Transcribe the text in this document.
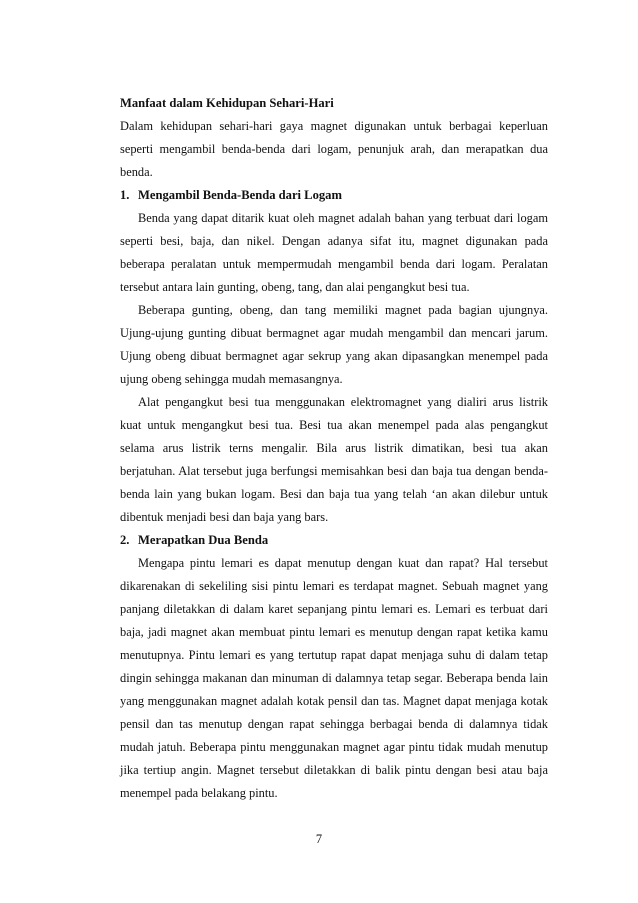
Manfaat dalam Kehidupan Sehari-Hari

Dalam kehidupan sehari-hari gaya magnet digunakan untuk berbagai keperluan seperti mengambil benda-benda dari logam, penunjuk arah, dan merapatkan dua benda.

1. Mengambil Benda-Benda dari Logam

Benda yang dapat ditarik kuat oleh magnet adalah bahan yang terbuat dari logam seperti besi, baja, dan nikel. Dengan adanya sifat itu, magnet digunakan pada beberapa peralatan untuk mempermudah mengambil benda dari logam. Peralatan tersebut antara lain gunting, obeng, tang, dan alai pengangkut besi tua.

Beberapa gunting, obeng, dan tang memiliki magnet pada bagian ujungnya. Ujung-ujung gunting dibuat bermagnet agar mudah mengambil dan mencari jarum. Ujung obeng dibuat bermagnet agar sekrup yang akan dipasangkan menempel pada ujung obeng sehingga mudah memasangnya.

Alat pengangkut besi tua menggunakan elektromagnet yang dialiri arus listrik kuat untuk mengangkut besi tua. Besi tua akan menempel pada alas pengangkut selama arus listrik terns mengalir. Bila arus listrik dimatikan, besi tua akan berjatuhan. Alat tersebut juga berfungsi memisahkan besi dan baja tua dengan benda-benda lain yang bukan logam. Besi dan baja tua yang telah ‘an akan dilebur untuk dibentuk menjadi besi dan baja yang bars.

2. Merapatkan Dua Benda

Mengapa pintu lemari es dapat menutup dengan kuat dan rapat? Hal tersebut dikarenakan di sekeliling sisi pintu lemari es terdapat magnet. Sebuah magnet yang panjang diletakkan di dalam karet sepanjang pintu lemari es. Lemari es terbuat dari baja, jadi magnet akan membuat pintu lemari es menutup dengan rapat ketika kamu menutupnya. Pintu lemari es yang tertutup rapat dapat menjaga suhu di dalam tetap dingin sehingga makanan dan minuman di dalamnya tetap segar. Beberapa benda lain yang menggunakan magnet adalah kotak pensil dan tas. Magnet dapat menjaga kotak pensil dan tas menutup dengan rapat sehingga berbagai benda di dalamnya tidak mudah jatuh. Beberapa pintu menggunakan magnet agar pintu tidak mudah menutup jika tertiup angin. Magnet tersebut diletakkan di balik pintu dengan besi atau baja menempel pada belakang pintu.

7
